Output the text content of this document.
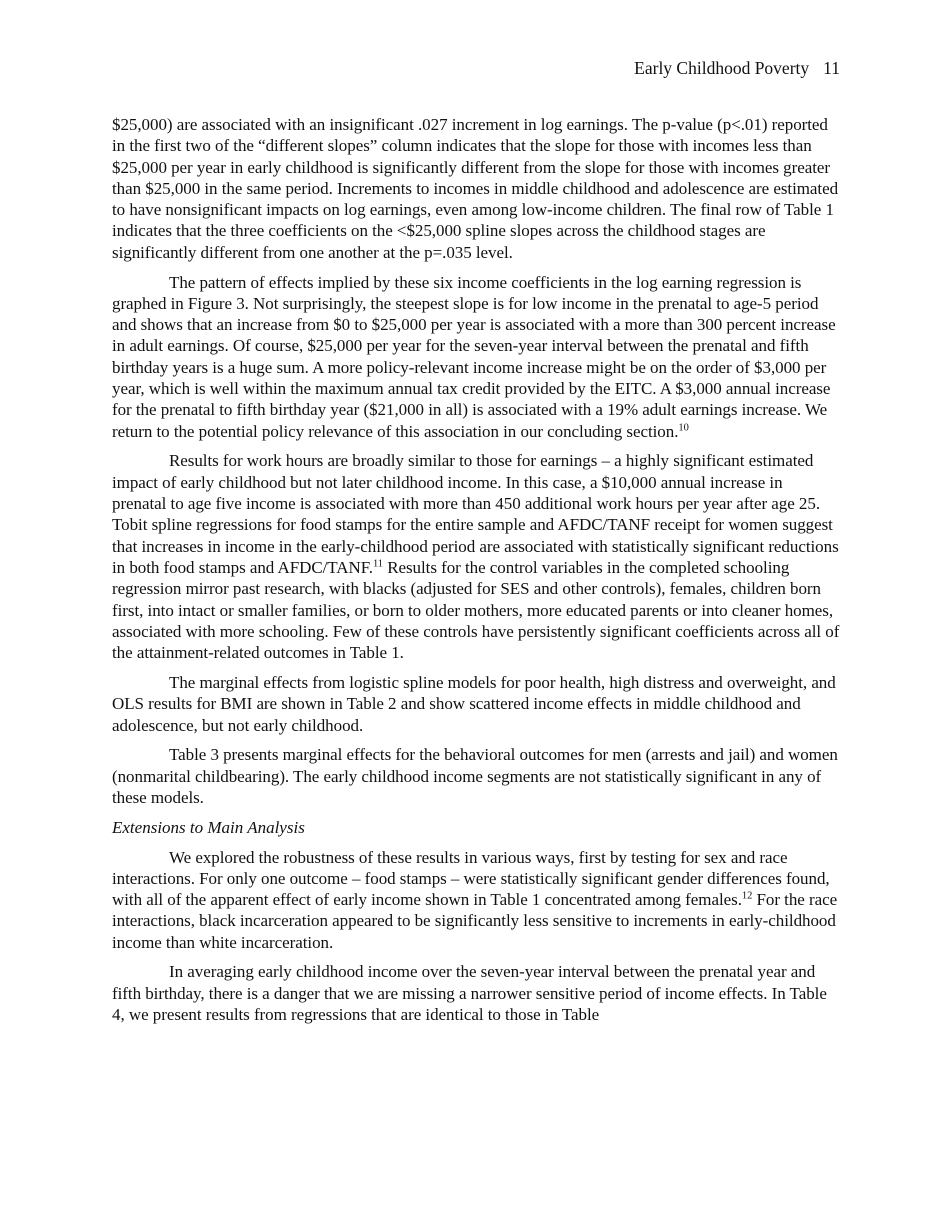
Early Childhood Poverty 11

$25,000) are associated with an insignificant .027 increment in log earnings. The p-value (p<.01) reported in the first two of the “different slopes” column indicates that the slope for those with incomes less than $25,000 per year in early childhood is significantly different from the slope for those with incomes greater than $25,000 in the same period. Increments to incomes in middle childhood and adolescence are estimated to have nonsignificant impacts on log earnings, even among low-income children. The final row of Table 1 indicates that the three coefficients on the <$25,000 spline slopes across the childhood stages are significantly different from one another at the p=.035 level.

The pattern of effects implied by these six income coefficients in the log earning regression is graphed in Figure 3. Not surprisingly, the steepest slope is for low income in the prenatal to age-5 period and shows that an increase from $0 to $25,000 per year is associated with a more than 300 percent increase in adult earnings. Of course, $25,000 per year for the seven-year interval between the prenatal and fifth birthday years is a huge sum. A more policy-relevant income increase might be on the order of $3,000 per year, which is well within the maximum annual tax credit provided by the EITC. A $3,000 annual increase for the prenatal to fifth birthday year ($21,000 in all) is associated with a 19% adult earnings increase. We return to the potential policy relevance of this association in our concluding section.$^{10}$

Results for work hours are broadly similar to those for earnings – a highly significant estimated impact of early childhood but not later childhood income. In this case, a $10,000 annual increase in prenatal to age five income is associated with more than 450 additional work hours per year after age 25. Tobit spline regressions for food stamps for the entire sample and AFDC/TANF receipt for women suggest that increases in income in the early-childhood period are associated with statistically significant reductions in both food stamps and AFDC/TANF.$^{11}$ Results for the control variables in the completed schooling regression mirror past research, with blacks (adjusted for SES and other controls), females, children born first, into intact or smaller families, or born to older mothers, more educated parents or into cleaner homes, associated with more schooling. Few of these controls have persistently significant coefficients across all of the attainment-related outcomes in Table 1.

The marginal effects from logistic spline models for poor health, high distress and overweight, and OLS results for BMI are shown in Table 2 and show scattered income effects in middle childhood and adolescence, but not early childhood.

Table 3 presents marginal effects for the behavioral outcomes for men (arrests and jail) and women (nonmarital childbearing). The early childhood income segments are not statistically significant in any of these models.

Extensions to Main Analysis

We explored the robustness of these results in various ways, first by testing for sex and race interactions. For only one outcome – food stamps – were statistically significant gender differences found, with all of the apparent effect of early income shown in Table 1 concentrated among females.$^{12}$ For the race interactions, black incarceration appeared to be significantly less sensitive to increments in early-childhood income than white incarceration.

In averaging early childhood income over the seven-year interval between the prenatal year and fifth birthday, there is a danger that we are missing a narrower sensitive period of income effects. In Table 4, we present results from regressions that are identical to those in Table
